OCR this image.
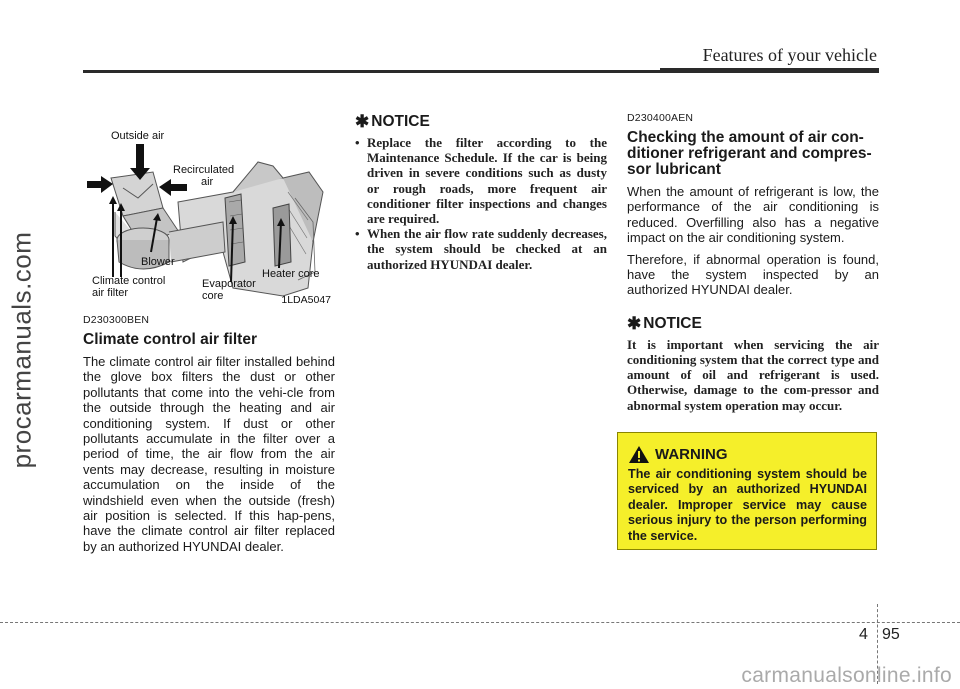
procarmanuals.com
Features of your vehicle
Outside air
Recirculated
air
Blower
Climate control
air filter
Evaporator
core
Heater core
1LDA5047

D230300BEN

Climate control air filter

The climate control air filter installed behind the glove box filters the dust or other pollutants that come into the vehi-cle from the outside through the heating and air conditioning system. If dust or other pollutants accumulate in the filter over a period of time, the air flow from the air vents may decrease, resulting in moisture accumulation on the inside of the windshield even when the outside (fresh) air position is selected. If this hap-pens, have the climate control air filter replaced by an authorized HYUNDAI dealer.

✱ NOTICE

• Replace the filter according to the Maintenance Schedule. If the car is being driven in severe conditions such as dusty or rough roads, more frequent air conditioner filter inspections and changes are required.
• When the air flow rate suddenly decreases, the system should be checked at an authorized HYUNDAI dealer.

D230400AEN

Checking the amount of air con-ditioner refrigerant and compres-sor lubricant

When the amount of refrigerant is low, the performance of the air conditioning is reduced. Overfilling also has a negative impact on the air conditioning system.

Therefore, if abnormal operation is found, have the system inspected by an authorized HYUNDAI dealer.

✱ NOTICE

It is important when servicing the air conditioning system that the correct type and amount of oil and refrigerant is used. Otherwise, damage to the com-pressor and abnormal system operation may occur.

WARNING

The air conditioning system should be serviced by an authorized HYUNDAI dealer. Improper service may cause serious injury to the person performing the service.

4 95
carmanualsonline.info
